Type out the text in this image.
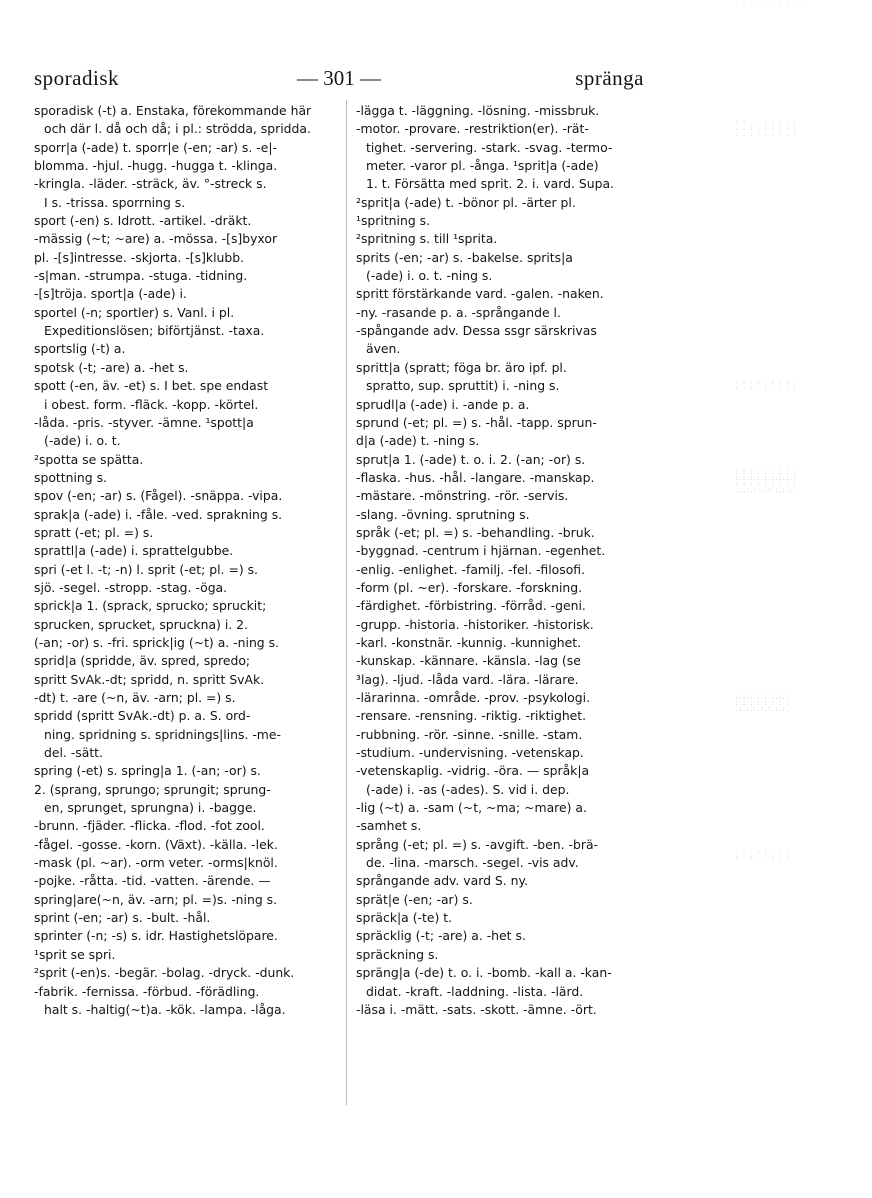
sporadisk	— 301 —	spränga
sporadisk (-t) a. Enstaka, förekommande här
och där l. då och då; i pl.: strödda, spridda.
sporr|a (-ade) t. sporr|e (-en; -ar) s. -e|-
blomma. -hjul. -hugg. -hugga t. -klinga.
-kringla. -läder. -sträck, äv. °-streck s.
I s. -trissa. sporrning s.
sport (-en) s. Idrott. -artikel. -dräkt.
-mässig (~t; ~are) a. -mössa. -[s]byxor
pl. -[s]intresse. -skjorta. -[s]klubb.
-s|man. -strumpa. -stuga. -tidning.
-[s]tröja. sport|a (-ade) i.
sportel (-n; sportler) s. Vanl. i pl.
Expeditionslösen; biförtjänst. -taxa.
sportslig (-t) a.
spotsk (-t; -are) a. -het s.
spott (-en, äv. -et) s. I bet. spe endast
i obest. form. -fläck. -kopp. -körtel.
-låda. -pris. -styver. -ämne. ¹spott|a
(-ade) i. o. t.
²spotta se spätta.
spottning s.
spov (-en; -ar) s. (Fågel). -snäppa. -vipa.
sprak|a (-ade) i. -fåle. -ved. sprakning s.
spratt (-et; pl. =) s.
sprattl|a (-ade) i. sprattelgubbe.
spri (-et l. -t; -n) l. sprit (-et; pl. =) s.
sjö. -segel. -stropp. -stag. -öga.
sprick|a 1. (sprack, sprucko; spruckit;
sprucken, sprucket, spruckna) i. 2.
(-an; -or) s. -fri. sprick|ig (~t) a. -ning s.
sprid|a (spridde, äv. spred, spredo;
spritt SvAk.-dt; spridd, n. spritt SvAk.
-dt) t. -are (~n, äv. -arn; pl. =) s.
spridd (spritt SvAk.-dt) p. a. S. ord-
ning. spridning s. spridnings|lins. -me-
del. -sätt.
spring (-et) s. spring|a 1. (-an; -or) s.
2. (sprang, sprungo; sprungit; sprung-
en, sprunget, sprungna) i. -bagge.
-brunn. -fjäder. -flicka. -flod. -fot zool.
-fågel. -gosse. -korn. (Växt). -källa. -lek.
-mask (pl. ~ar). -orm veter. -orms|knöl.
-pojke. -råtta. -tid. -vatten. -ärende. —
spring|are(~n, äv. -arn; pl. =)s. -ning s.
sprint (-en; -ar) s. -bult. -hål.
sprinter (-n; -s) s. idr. Hastighetslöpare.
¹sprit se spri.
²sprit (-en)s. -begär. -bolag. -dryck. -dunk.
-fabrik. -fernissa. -förbud. -förädling.
halt s. -haltig(~t)a. -kök. -lampa. -låga.
-lägga t. -läggning. -lösning. -missbruk.
-motor. -provare. -restriktion(er). -rät-
tighet. -servering. -stark. -svag. -termo-
meter. -varor pl. -ånga. ¹sprit|a (-ade)
1. t. Försätta med sprit. 2. i. vard. Supa.
²sprit|a (-ade) t. -bönor pl. -ärter pl.
¹spritning s.
²spritning s. till ¹sprita.
sprits (-en; -ar) s. -bakelse. sprits|a
(-ade) i. o. t. -ning s.
spritt förstärkande vard. -galen. -naken.
-ny. -rasande p. a. -språngande l.
-spångande adv. Dessa ssgr särskrivas
även.
spritt|a (spratt; föga br. äro ipf. pl.
spratto, sup. spruttit) i. -ning s.
sprudl|a (-ade) i. -ande p. a.
sprund (-et; pl. =) s. -hål. -tapp. sprun-
d|a (-ade) t. -ning s.
sprut|a 1. (-ade) t. o. i. 2. (-an; -or) s.
-flaska. -hus. -hål. -langare. -manskap.
-mästare. -mönstring. -rör. -servis.
-slang. -övning. sprutning s.
språk (-et; pl. =) s. -behandling. -bruk.
-byggnad. -centrum i hjärnan. -egenhet.
-enlig. -enlighet. -familj. -fel. -filosofi.
-form (pl. ~er). -forskare. -forskning.
-färdighet. -förbistring. -förråd. -geni.
-grupp. -historia. -historiker. -historisk.
-karl. -konstnär. -kunnig. -kunnighet.
-kunskap. -kännare. -känsla. -lag (se
³lag). -ljud. -låda vard. -lära. -lärare.
-lärarinna. -område. -prov. -psykologi.
-rensare. -rensning. -riktig. -riktighet.
-rubbning. -rör. -sinne. -snille. -stam.
-studium. -undervisning. -vetenskap.
-vetenskaplig. -vidrig. -öra. — språk|a
(-ade) i. -as (-ades). S. vid i. dep.
-lig (~t) a. -sam (~t, ~ma; ~mare) a.
-samhet s.
språng (-et; pl. =) s. -avgift. -ben. -brä-
de. -lina. -marsch. -segel. -vis adv.
språngande adv. vard S. ny.
sprät|e (-en; -ar) s.
spräck|a (-te) t.
spräcklig (-t; -are) a. -het s.
spräckning s.
spräng|a (-de) t. o. i. -bomb. -kall a. -kan-
didat. -kraft. -laddning. -lista. -lärd.
-läsa i. -mätt. -sats. -skott. -ämne. -ört.
. : . . . . . . . .
: : . . : . : . :
. . : . . : : . .
: . : : . . : . :
. : . : . : . : .
: . : . : . : . :
: : : : : : : : :
:.:.:.:.:.:.:.:.:
: : : : : : : : :
.:.:.:.:.:.:.:.:.
:.:.:.:.:.:.:.:
: : : : : : : :
.:.:.:.:.:.:.:.
. : . : : . : .
: . : . . : . :
